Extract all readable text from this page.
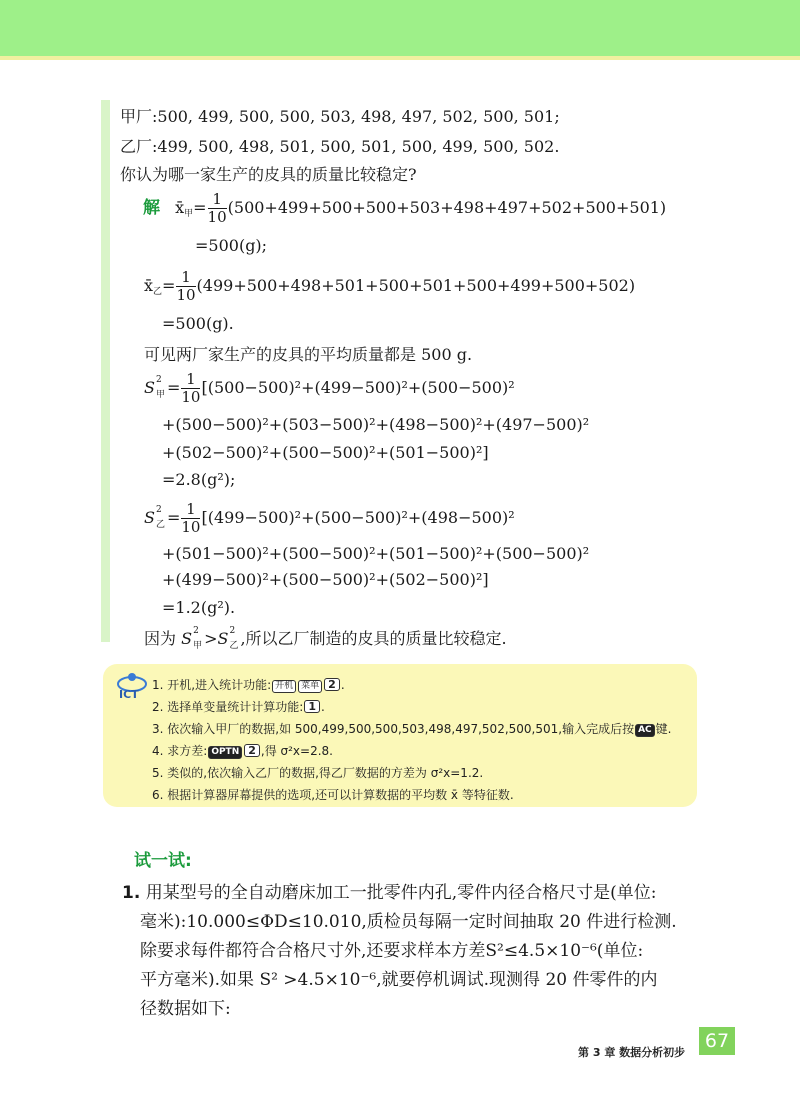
甲厂:500, 499, 500, 500, 503, 498, 497, 502, 500, 501;
乙厂:499, 500, 498, 501, 500, 501, 500, 499, 500, 502.
你认为哪一家生产的皮具的质量比较稳定?
解 $x̄_甲= \frac{1}{10} (500+499+500+500+503+498+497+502+500+501)$
=500(g);
$x̄_乙= \frac{1}{10} (499+500+498+501+500+501+500+499+500+502)$
=500(g).
可见两厂家生产的皮具的平均质量都是 500 g.
S 2
甲 = $\frac{1}{10} [(500-500)^2+(499-500)^2+(500-500)^2$
+(500−500)²+(503−500)²+(498−500)²+(497−500)²
+(502−500)²+(500−500)²+(501−500)²]
=2.8(g²);
S 2
乙 = $\frac{1}{10} [(499-500)^2+(500-500)^2+(498-500)^2$
+(501−500)²+(500−500)²+(501−500)²+(500−500)²
+(499−500)²+(500−500)²+(502−500)²]
=1.2(g²).
因为 S 2
甲 >S 2
乙 ,所以乙厂制造的皮具的质量比较稳定.
ICT
1. 开机,进入统计功能: 开机 菜单 2 .
2. 选择单变量统计计算功能: 1 .
3. 依次输入甲厂的数据,如 500,499,500,500,503,498,497,502,500,501,输入完成后按 AC 键.
4. 求方差: OPTN 2 ,得 σ²x=2.8.
5. 类似的,依次输入乙厂的数据,得乙厂数据的方差为 σ²x=1.2.
6. 根据计算器屏幕提供的选项,还可以计算数据的平均数 x̄ 等特征数.
试一试:
1. 用某型号的全自动磨床加工一批零件内孔,零件内径合格尺寸是(单位:
毫米):10.000≤ΦD≤10.010,质检员每隔一定时间抽取 20 件进行检测.
除要求每件都符合合格尺寸外,还要求样本方差S²≤4.5×10⁻⁶(单位:
平方毫米).如果 S² >4.5×10⁻⁶,就要停机调试.现测得 20 件零件的内
径数据如下:
第 3 章 数据分析初步
67
